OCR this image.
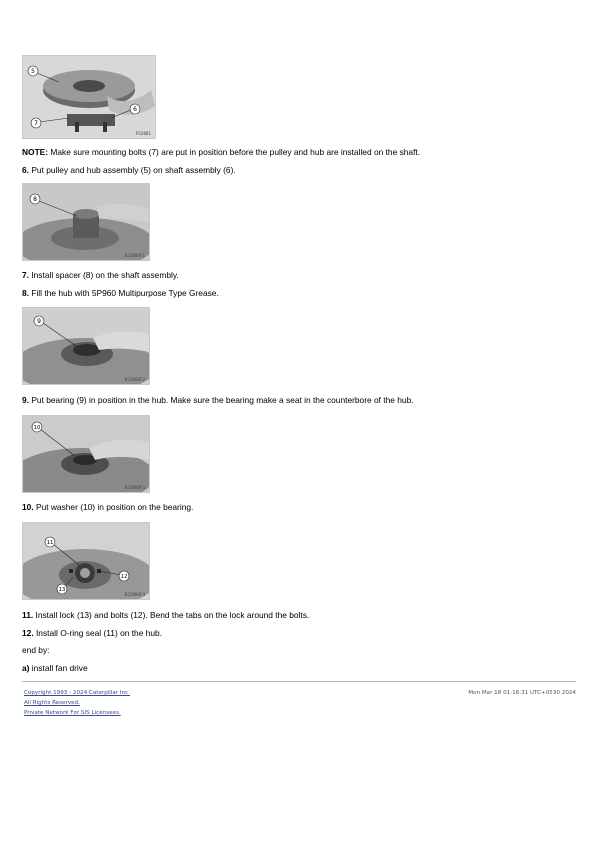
5
7
6
P32861
NOTE: Make sure mounting bolts (7) are put in position before the pulley and hub are installed on the shaft.
6. Put pulley and hub assembly (5) on shaft assembly (6).
8
B22890F1
7. Install spacer (8) on the shaft assembly.
8. Fill the hub with 5P960 Multipurpose Type Grease.
9
B22890F2
9. Put bearing (9) in position in the hub. Make sure the bearing make a seat in the counterbore of the hub.
10
B22890F3
10. Put washer (10) in position on the bearing.
11
12
13
B22890F4
11. Install lock (13) and bolts (12). Bend the tabs on the lock around the bolts.
12. Install O-ring seal (11) on the hub.
end by:
a) install fan drive
Copyright 1993 - 2024 Caterpillar Inc.
All Rights Reserved.
Private Network For SIS Licensees.
Mon Mar 18 01:16:31 UTC+0530 2024
